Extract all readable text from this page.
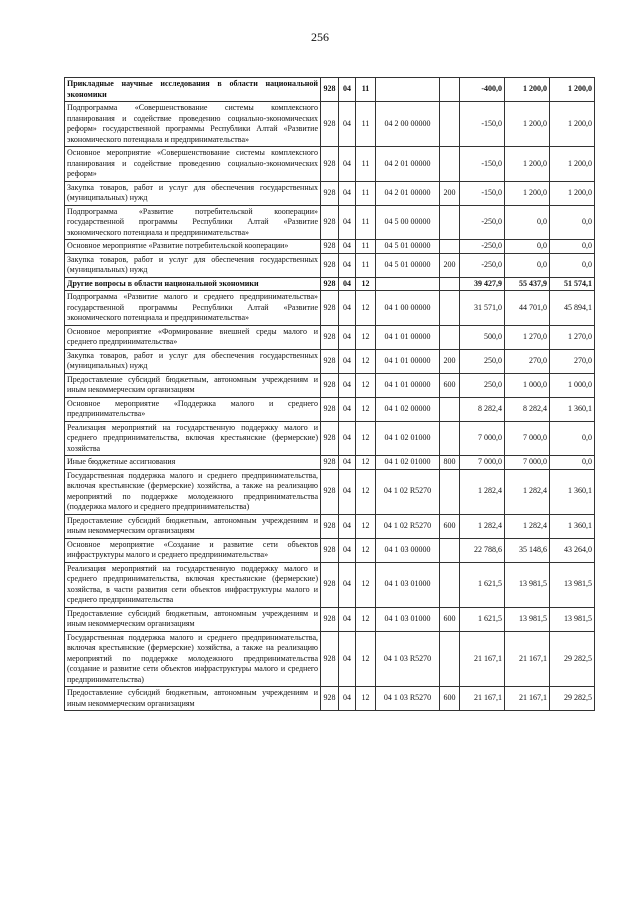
256
Прикладные научные исследования в области национальной экономики	928	04	11			-400,0	1 200,0	1 200,0
Подпрограмма «Совершенствование системы комплексного планирования и содействие проведению социально-экономических реформ» государственной программы Республики Алтай «Развитие экономического потенциала и предпринимательства»	928	04	11	04 2 00 00000		-150,0	1 200,0	1 200,0
Основное мероприятие «Совершенствование системы комплексного планирования и содействие проведению социально-экономических реформ»	928	04	11	04 2 01 00000		-150,0	1 200,0	1 200,0
Закупка товаров, работ и услуг для обеспечения государственных (муниципальных) нужд	928	04	11	04 2 01 00000	200	-150,0	1 200,0	1 200,0
Подпрограмма «Развитие потребительской кооперации» государственной программы Республики Алтай «Развитие экономического потенциала и предпринимательства»	928	04	11	04 5 00 00000		-250,0	0,0	0,0
Основное мероприятие «Развитие потребительской кооперации»	928	04	11	04 5 01 00000		-250,0	0,0	0,0
Закупка товаров, работ и услуг для обеспечения государственных (муниципальных) нужд	928	04	11	04 5 01 00000	200	-250,0	0,0	0,0
Другие вопросы в области национальной экономики	928	04	12			39 427,9	55 437,9	51 574,1
Подпрограмма «Развитие малого и среднего предпринимательства» государственной программы Республики Алтай «Развитие экономического потенциала и предпринимательства»	928	04	12	04 1 00 00000		31 571,0	44 701,0	45 894,1
Основное мероприятие «Формирование внешней среды малого и среднего предпринимательства»	928	04	12	04 1 01 00000		500,0	1 270,0	1 270,0
Закупка товаров, работ и услуг для обеспечения государственных (муниципальных) нужд	928	04	12	04 1 01 00000	200	250,0	270,0	270,0
Предоставление субсидий бюджетным, автономным учреждениям и иным некоммерческим организациям	928	04	12	04 1 01 00000	600	250,0	1 000,0	1 000,0
Основное мероприятие «Поддержка малого и среднего предпринимательства»	928	04	12	04 1 02 00000		8 282,4	8 282,4	1 360,1
Реализация мероприятий на государственную поддержку малого и среднего предпринимательства, включая крестьянские (фермерские) хозяйства	928	04	12	04 1 02 01000		7 000,0	7 000,0	0,0
Иные бюджетные ассигнования	928	04	12	04 1 02 01000	800	7 000,0	7 000,0	0,0
Государственная поддержка малого и среднего предпринимательства, включая крестьянские (фермерские) хозяйства, а также на реализацию мероприятий по поддержке молодежного предпринимательства (поддержка малого и среднего предпринимательства)	928	04	12	04 1 02 R5270		1 282,4	1 282,4	1 360,1
Предоставление субсидий бюджетным, автономным учреждениям и иным некоммерческим организациям	928	04	12	04 1 02 R5270	600	1 282,4	1 282,4	1 360,1
Основное мероприятие «Создание и развитие сети объектов инфраструктуры малого и среднего предпринимательства»	928	04	12	04 1 03 00000		22 788,6	35 148,6	43 264,0
Реализация мероприятий на государственную поддержку малого и среднего предпринимательства, включая крестьянские (фермерские) хозяйства, в части развития сети объектов инфраструктуры малого и среднего предпринимательства	928	04	12	04 1 03 01000		1 621,5	13 981,5	13 981,5
Предоставление субсидий бюджетным, автономным учреждениям и иным некоммерческим организациям	928	04	12	04 1 03 01000	600	1 621,5	13 981,5	13 981,5
Государственная поддержка малого и среднего предпринимательства, включая крестьянские (фермерские) хозяйства, а также на реализацию мероприятий по поддержке молодежного предпринимательства (создание и развитие сети объектов инфраструктуры малого и среднего предпринимательства)	928	04	12	04 1 03 R5270		21 167,1	21 167,1	29 282,5
Предоставление субсидий бюджетным, автономным учреждениям и иным некоммерческим организациям	928	04	12	04 1 03 R5270	600	21 167,1	21 167,1	29 282,5
